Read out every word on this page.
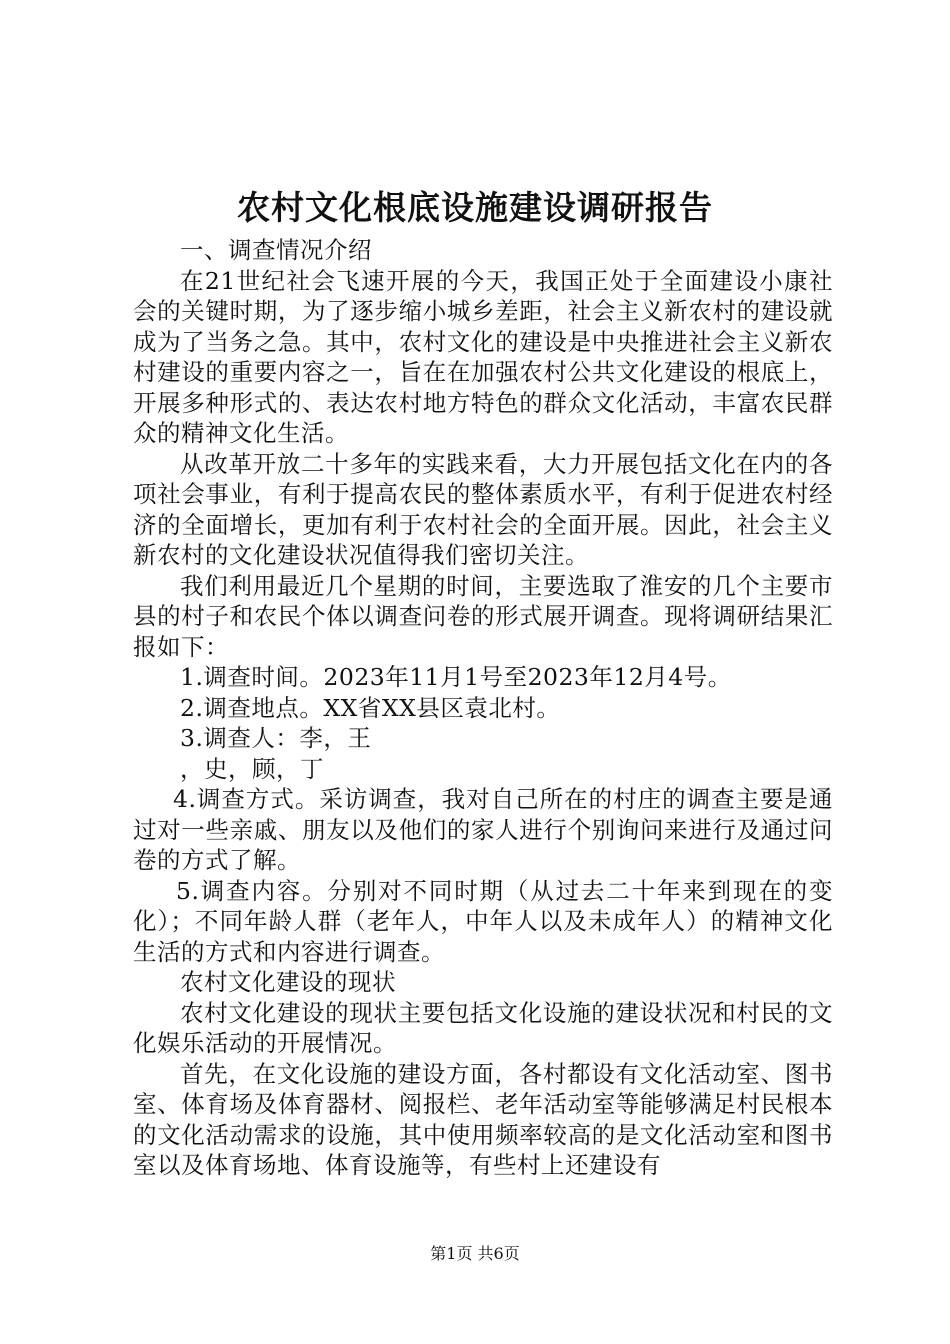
农村文化根底设施建设调研报告

一、调查情况介绍

在21世纪社会飞速开展的今天，我国正处于全面建设小康社会的关键时期，为了逐步缩小城乡差距，社会主义新农村的建设就成为了当务之急。其中，农村文化的建设是中央推进社会主义新农村建设的重要内容之一，旨在在加强农村公共文化建设的根底上，开展多种形式的、表达农村地方特色的群众文化活动，丰富农民群众的精神文化生活。

从改革开放二十多年的实践来看，大力开展包括文化在内的各项社会事业，有利于提高农民的整体素质水平，有利于促进农村经济的全面增长，更加有利于农村社会的全面开展。因此，社会主义新农村的文化建设状况值得我们密切关注。

我们利用最近几个星期的时间，主要选取了淮安的几个主要市县的村子和农民个体以调查问卷的形式展开调查。现将调研结果汇报如下：

1.调查时间。2023年11月1号至2023年12月4号。

2.调查地点。XX省XX县区袁北村。

3.调查人：李，王

，史，顾，丁

4.调查方式。采访调查，我对自己所在的村庄的调查主要是通过对一些亲戚、朋友以及他们的家人进行个别询问来进行及通过问卷的方式了解。

5.调查内容。分别对不同时期（从过去二十年来到现在的变化）；不同年龄人群（老年人，中年人以及未成年人）的精神文化生活的方式和内容进行调查。

农村文化建设的现状

农村文化建设的现状主要包括文化设施的建设状况和村民的文化娱乐活动的开展情况。

首先，在文化设施的建设方面，各村都设有文化活动室、图书室、体育场及体育器材、阅报栏、老年活动室等能够满足村民根本的文化活动需求的设施，其中使用频率较高的是文化活动室和图书室以及体育场地、体育设施等，有些村上还建设有

第1页 共6页
